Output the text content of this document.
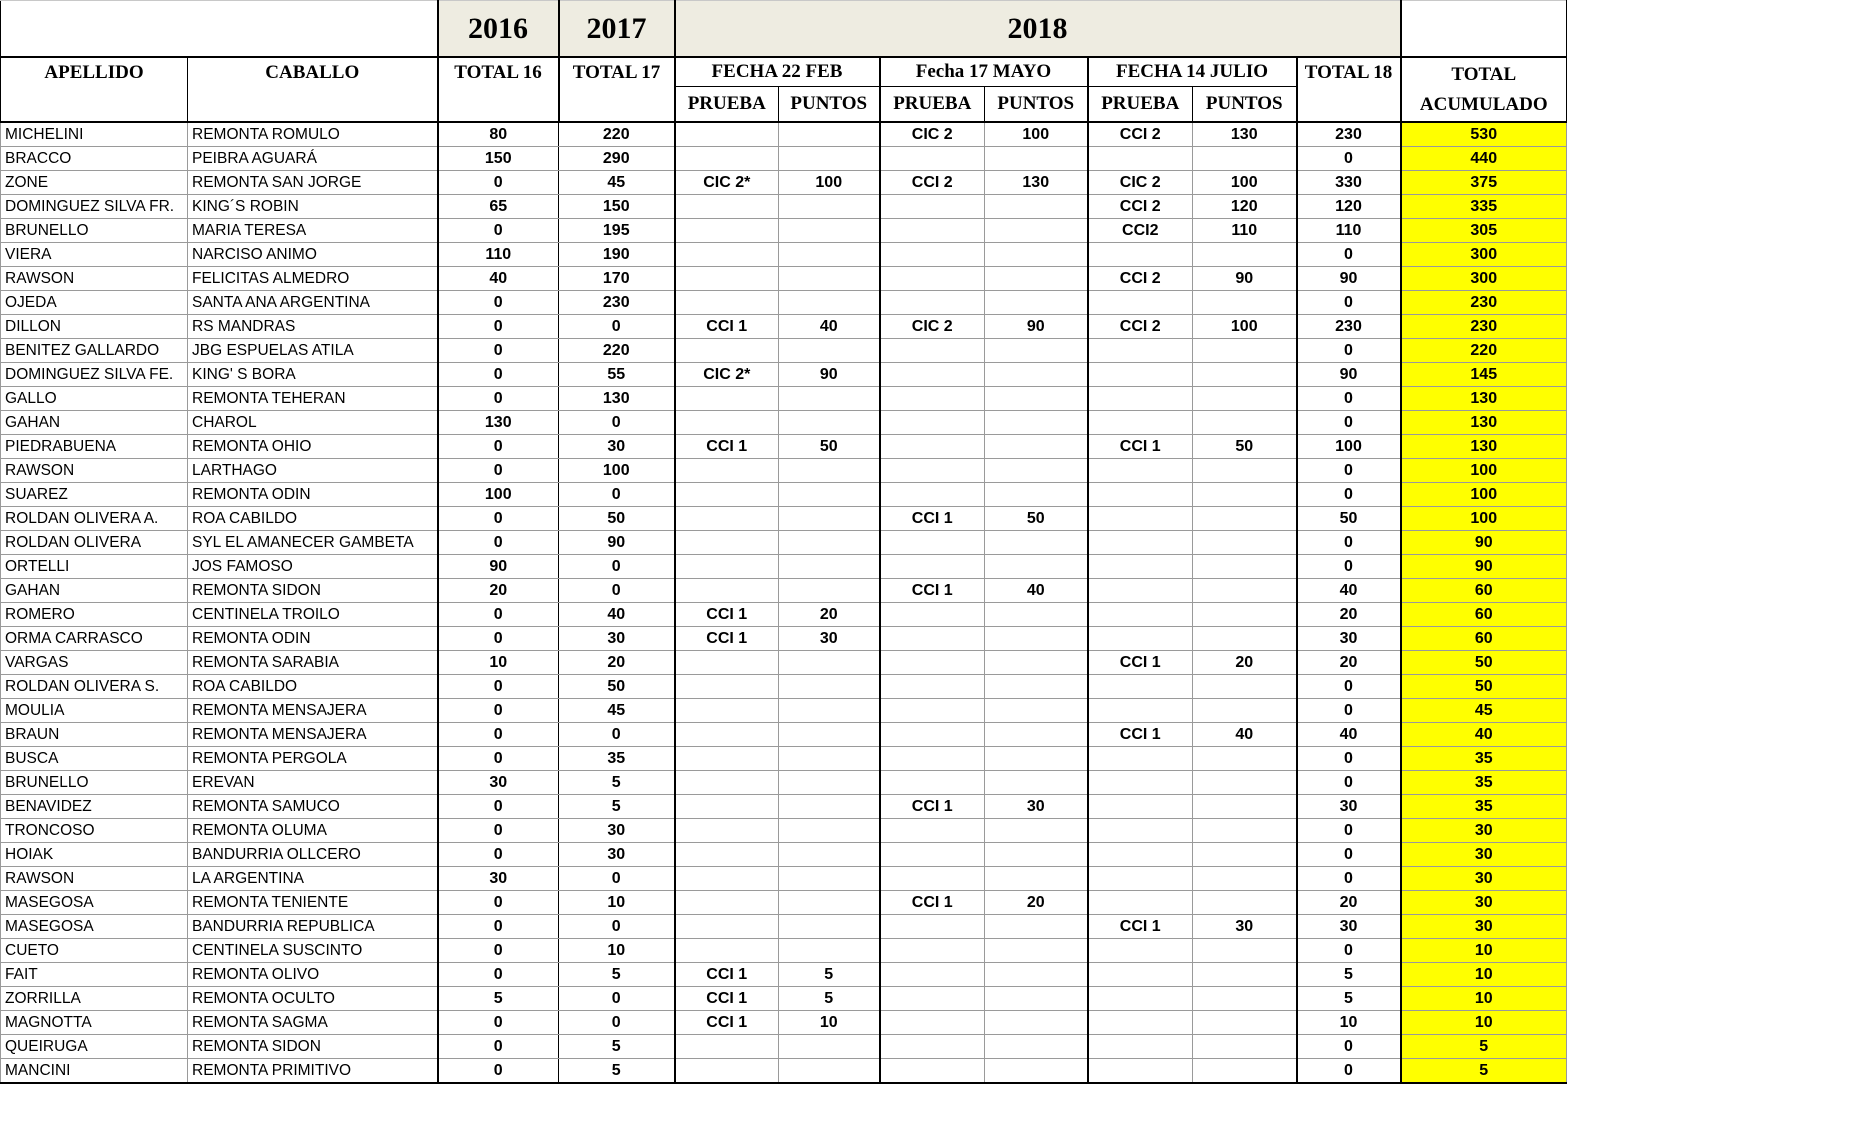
		2016	2017	2018							
APELLIDO	CABALLO	TOTAL 16	TOTAL 17	FECHA 22 FEB		Fecha 17 MAYO		FECHA 14 JULIO		TOTAL 18	TOTAL
ACUMULADO

				PRUEBA	PUNTOS	PRUEBA	PUNTOS	PRUEBA	PUNTOS		
MICHELINI	REMONTA ROMULO	80	220			CIC 2	100	CCI 2	130	230	530
BRACCO	PEIBRA AGUARÁ	150	290							0	440
ZONE	REMONTA SAN JORGE	0	45	CIC 2*	100	CCI 2	130	CIC 2	100	330	375
DOMINGUEZ SILVA FR.	KING´S ROBIN	65	150					CCI 2	120	120	335
BRUNELLO	MARIA TERESA	0	195					CCI2	110	110	305
VIERA	NARCISO ANIMO	110	190							0	300
RAWSON	FELICITAS ALMEDRO	40	170					CCI 2	90	90	300
OJEDA	SANTA ANA ARGENTINA	0	230							0	230
DILLON	RS MANDRAS	0	0	CCI 1	40	CIC 2	90	CCI 2	100	230	230
BENITEZ GALLARDO	JBG ESPUELAS ATILA	0	220							0	220
DOMINGUEZ SILVA FE.	KING' S BORA	0	55	CIC 2*	90					90	145
GALLO	REMONTA TEHERAN	0	130							0	130
GAHAN	CHAROL	130	0							0	130
PIEDRABUENA	REMONTA OHIO	0	30	CCI 1	50			CCI 1	50	100	130
RAWSON	LARTHAGO	0	100							0	100
SUAREZ	REMONTA ODIN	100	0							0	100
ROLDAN OLIVERA A.	ROA CABILDO	0	50			CCI 1	50			50	100
ROLDAN OLIVERA	SYL EL AMANECER GAMBETA	0	90							0	90
ORTELLI	JOS FAMOSO	90	0							0	90
GAHAN	REMONTA SIDON	20	0			CCI 1	40			40	60
ROMERO	CENTINELA TROILO	0	40	CCI 1	20					20	60
ORMA CARRASCO	REMONTA ODIN	0	30	CCI 1	30					30	60
VARGAS	REMONTA SARABIA	10	20					CCI 1	20	20	50
ROLDAN OLIVERA S.	ROA CABILDO	0	50							0	50
MOULIA	REMONTA MENSAJERA	0	45							0	45
BRAUN	REMONTA MENSAJERA	0	0					CCI 1	40	40	40
BUSCA	REMONTA PERGOLA	0	35							0	35
BRUNELLO	EREVAN	30	5							0	35
BENAVIDEZ	REMONTA SAMUCO	0	5			CCI 1	30			30	35
TRONCOSO	REMONTA OLUMA	0	30							0	30
HOIAK	BANDURRIA OLLCERO	0	30							0	30
RAWSON	LA ARGENTINA	30	0							0	30
MASEGOSA	REMONTA TENIENTE	0	10			CCI 1	20			20	30
MASEGOSA	BANDURRIA REPUBLICA	0	0					CCI 1	30	30	30
CUETO	CENTINELA SUSCINTO	0	10							0	10
FAIT	REMONTA OLIVO	0	5	CCI 1	5					5	10
ZORRILLA	REMONTA OCULTO	5	0	CCI 1	5					5	10
MAGNOTTA	REMONTA SAGMA	0	0	CCI 1	10					10	10
QUEIRUGA	REMONTA SIDON	0	5							0	5
MANCINI	REMONTA PRIMITIVO	0	5							0	5
